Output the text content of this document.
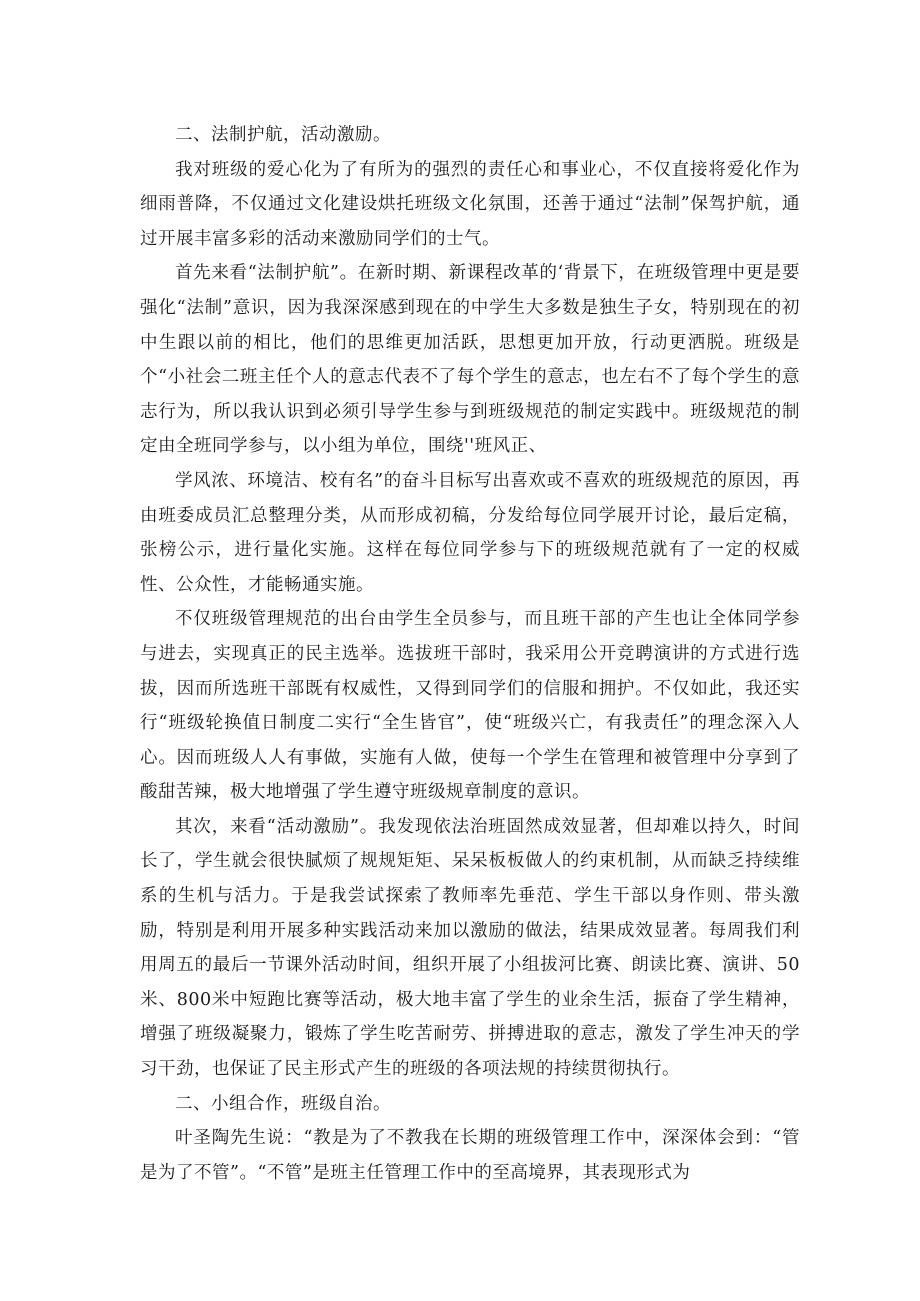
二、法制护航，活动激励。

我对班级的爱心化为了有所为的强烈的责任心和事业心，不仅直接将爱化作为细雨普降，不仅通过文化建设烘托班级文化氛围，还善于通过“法制”保驾护航，通过开展丰富多彩的活动来激励同学们的士气。

首先来看“法制护航”。在新时期、新课程改革的‘背景下，在班级管理中更是要强化“法制”意识，因为我深深感到现在的中学生大多数是独生子女，特别现在的初中生跟以前的相比，他们的思维更加活跃，思想更加开放，行动更洒脱。班级是个“小社会二班主任个人的意志代表不了每个学生的意志，也左右不了每个学生的意志行为，所以我认识到必须引导学生参与到班级规范的制定实践中。班级规范的制定由全班同学参与，以小组为单位，围绕''班风正、

学风浓、环境洁、校有名”的奋斗目标写出喜欢或不喜欢的班级规范的原因，再由班委成员汇总整理分类，从而形成初稿，分发给每位同学展开讨论，最后定稿，张榜公示，进行量化实施。这样在每位同学参与下的班级规范就有了一定的权威性、公众性，才能畅通实施。

不仅班级管理规范的出台由学生全员参与，而且班干部的产生也让全体同学参与进去，实现真正的民主选举。选拔班干部时，我采用公开竞聘演讲的方式进行选拔，因而所选班干部既有权威性，又得到同学们的信服和拥护。不仅如此，我还实行“班级轮换值日制度二实行“全生皆官”，使“班级兴亡，有我责任”的理念深入人心。因而班级人人有事做，实施有人做，使每一个学生在管理和被管理中分享到了酸甜苦辣，极大地增强了学生遵守班级规章制度的意识。

其次，来看“活动激励”。我发现依法治班固然成效显著，但却难以持久，时间长了，学生就会很快腻烦了规规矩矩、呆呆板板做人的约束机制，从而缺乏持续维系的生机与活力。于是我尝试探索了教师率先垂范、学生干部以身作则、带头激励，特别是利用开展多种实践活动来加以激励的做法，结果成效显著。每周我们利用周五的最后一节课外活动时间，组织开展了小组拔河比赛、朗读比赛、演讲、50米、800米中短跑比赛等活动，极大地丰富了学生的业余生活，振奋了学生精神，增强了班级凝聚力，锻炼了学生吃苦耐劳、拼搏进取的意志，激发了学生冲天的学习干劲，也保证了民主形式产生的班级的各项法规的持续贯彻执行。

二、小组合作，班级自治。

叶圣陶先生说：“教是为了不教我在长期的班级管理工作中，深深体会到：“管是为了不管”。“不管”是班主任管理工作中的至高境界，其表现形式为
